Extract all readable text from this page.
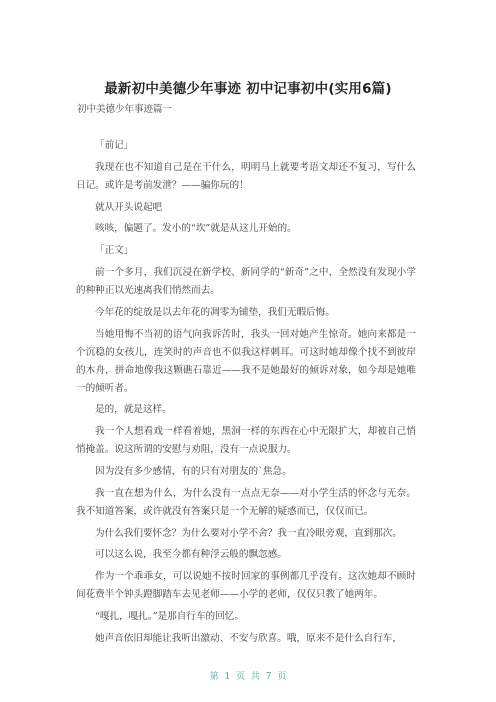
最新初中美德少年事迹 初中记事初中(实用6篇)
初中美德少年事迹篇一

「前记」

我现在也不知道自己是在干什么，明明马上就要考语文却还不复习，写什么日记。或许是考前发泄？——骗你玩的！

就从开头说起吧

咳咳，偏题了。发小的“坎”就是从这儿开始的。

「正文」

前一个多月，我们沉浸在新学校、新同学的“新奇”之中，全然没有发现小学的种种正以光速离我们悄然而去。

今年花的绽放是以去年花的凋零为铺垫，我们无暇后悔。

当她用悔不当初的语气向我诉苦时，我头一回对她产生惊奇。她向来都是一个沉稳的女孩儿，连笑时的声音也不似我这样刺耳。可这时她却像个找不到彼岸的木舟，拼命地像我这颗礁石靠近——我不是她最好的倾诉对象，如今却是她唯一的倾听者。

是的，就是这样。

我一个人想看戏一样看着她，黑洞一样的东西在心中无限扩大，却被自己悄悄掩盖。说这所谓的安慰与劝阻，没有一点说服力。

因为没有多少感情，有的只有对朋友的`焦急。

我一直在想为什么，为什么没有一点点无奈——对小学生活的怀念与无奈。我不知道答案，或许就没有答案只是一个无解的疑惑而已，仅仅而已。

为什么我们要怀念？为什么要对小学不舍？我一直冷眼旁观，直到那次。

可以这么说，我至今都有种浮云般的飘忽感。

作为一个乖乖女，可以说她不按时回家的事例都几乎没有。这次她却不顾时间花费半个钟头蹬脚踏车去见老师——小学的老师，仅仅只教了她两年。

“嘎扎，嘎扎。”是那自行车的回忆。

她声音依旧却能让我听出激动、不安与欣喜。哦，原来不是什么自行车，

第 1 页 共 7 页
